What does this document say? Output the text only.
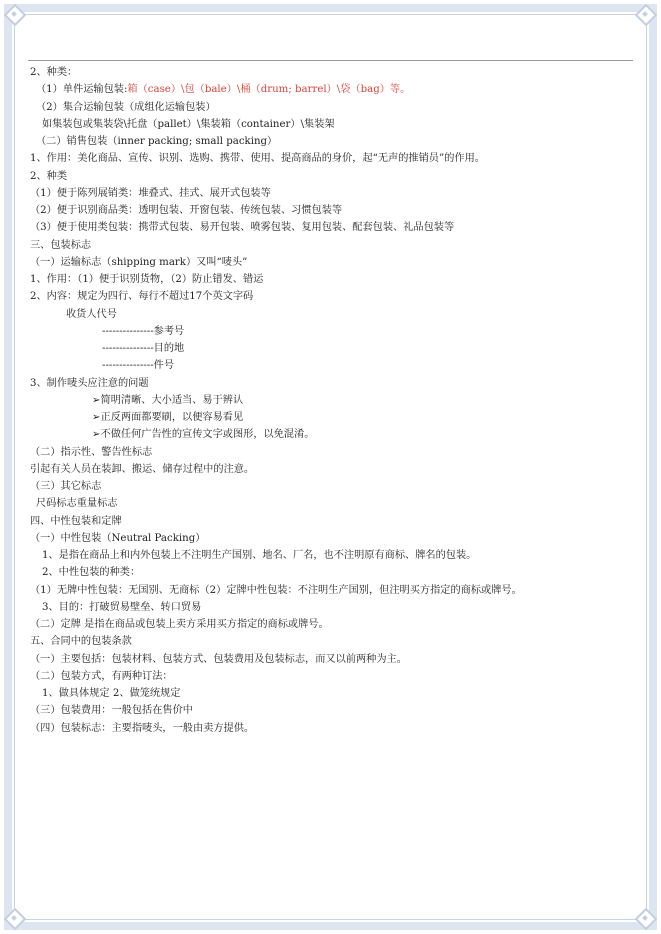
2、种类：
（1）单件运输包装:箱（case）\包（bale）\桶（drum; barrel）\袋（bag）等。
（2）集合运输包装（成组化运输包装）
如集装包或集装袋\托盘（pallet）\集装箱（container）\集装架
（二）销售包装（inner packing; small packing）
1、作用：美化商品、宣传、识别、选购、携带、使用、提高商品的身价，起“无声的推销员”的作用。
2、种类
（1）便于陈列展销类：堆叠式、挂式、展开式包装等
（2）便于识别商品类：透明包装、开窗包装、传统包装、习惯包装等
（3）便于使用类包装：携带式包装、易开包装、喷雾包装、复用包装、配套包装、礼品包装等
三、包装标志
（一）运输标志（shipping mark）又叫“唛头”
1、作用：（1）便于识别货物，（2）防止错发、错运
2、内容：规定为四行、每行不超过17个英文字码
收货人代号
---------------参考号
---------------目的地
---------------件号
3、制作唛头应注意的问题
➢简明清晰、大小适当、易于辨认
➢正反两面都要刷，以便容易看见
➢不做任何广告性的宣传文字或图形，以免混淆。
（二）指示性、警告性标志
引起有关人员在装卸、搬运、储存过程中的注意。
（三）其它标志
尺码标志重量标志
四、中性包装和定牌
（一）中性包装（Neutral Packing）
1、是指在商品上和内外包装上不注明生产国别、地名、厂名，也不注明原有商标、牌名的包装。
2、中性包装的种类：
（1）无牌中性包装：无国别、无商标（2）定牌中性包装：不注明生产国别，但注明买方指定的商标或牌号。
3、目的：打破贸易壁垒、转口贸易
（二）定牌 是指在商品或包装上卖方采用买方指定的商标或牌号。
五、合同中的包装条款
（一）主要包括：包装材料、包装方式、包装费用及包装标志，而又以前两种为主。
（二）包装方式，有两种订法：
1、做具体规定 2、做笼统规定
（三）包装费用：一般包括在售价中
（四）包装标志：主要指唛头，一般由卖方提供。
